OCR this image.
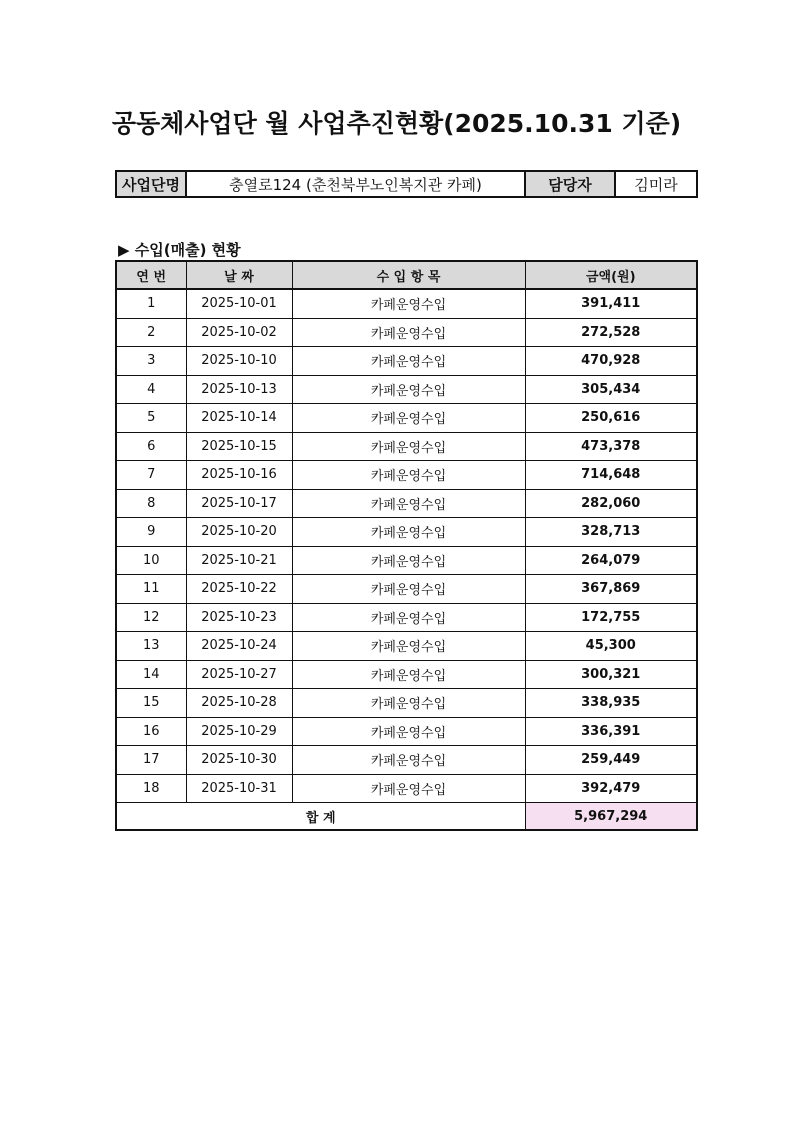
공동체사업단 월 사업추진현황(2025.10.31 기준)
사업단명	충열로124 (춘천북부노인복지관 카페)	담당자	김미라
▶ 수입(매출) 현황
연 번	날 짜	수 입 항 목	금액(원)
1	2025-10-01	카페운영수입	391,411
2	2025-10-02	카페운영수입	272,528
3	2025-10-10	카페운영수입	470,928
4	2025-10-13	카페운영수입	305,434
5	2025-10-14	카페운영수입	250,616
6	2025-10-15	카페운영수입	473,378
7	2025-10-16	카페운영수입	714,648
8	2025-10-17	카페운영수입	282,060
9	2025-10-20	카페운영수입	328,713
10	2025-10-21	카페운영수입	264,079
11	2025-10-22	카페운영수입	367,869
12	2025-10-23	카페운영수입	172,755
13	2025-10-24	카페운영수입	45,300
14	2025-10-27	카페운영수입	300,321
15	2025-10-28	카페운영수입	338,935
16	2025-10-29	카페운영수입	336,391
17	2025-10-30	카페운영수입	259,449
18	2025-10-31	카페운영수입	392,479
합 계			5,967,294
